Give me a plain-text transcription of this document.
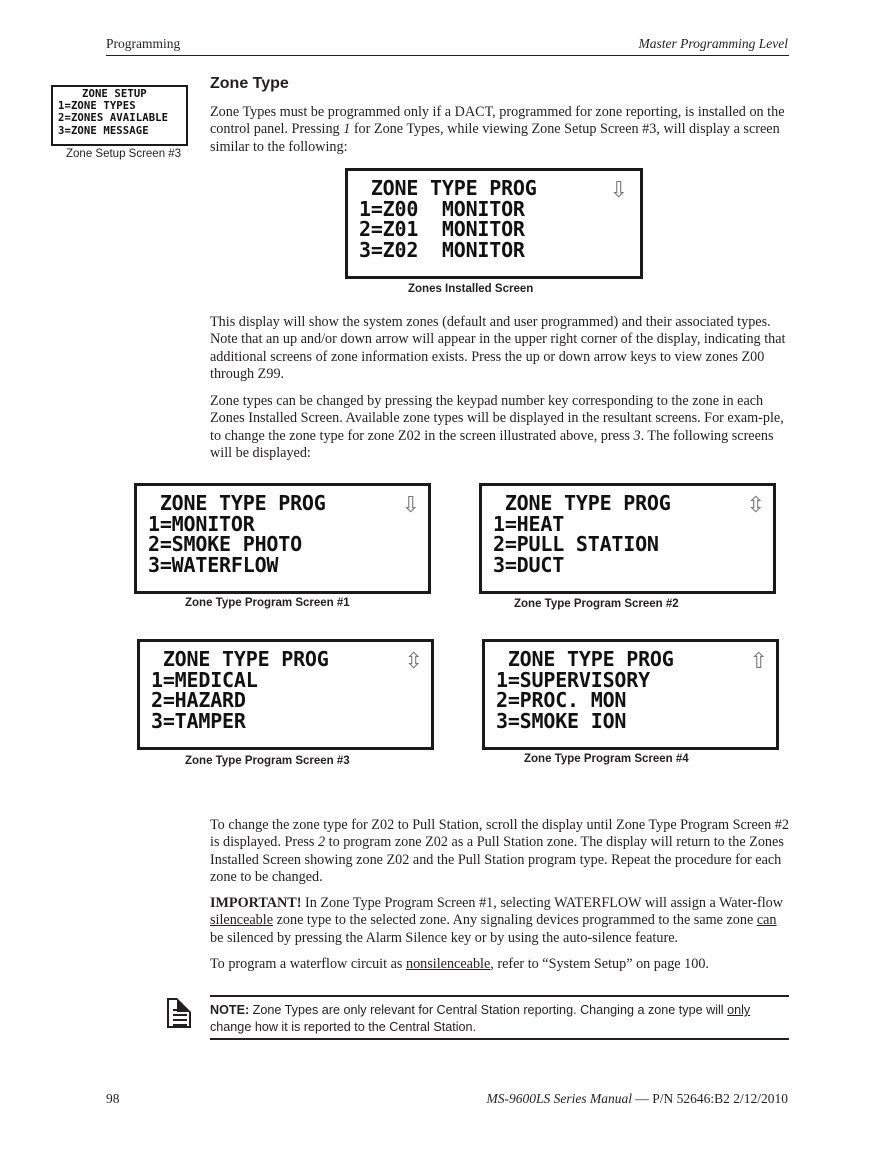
Programming	Master Programming Level
ZONE SETUP
1=ZONE TYPES
2=ZONES AVAILABLE
3=ZONE MESSAGE
Zone Setup Screen #3
Zone Type

Zone Types must be programmed only if a DACT, programmed for zone reporting, is installed on the control panel. Pressing 1 for Zone Types, while viewing Zone Setup Screen #3, will display a screen similar to the following:

ZONE TYPE PROG
1=Z00  MONITOR
2=Z01  MONITOR
3=Z02  MONITOR
⇩
Zones Installed Screen

This display will show the system zones (default and user programmed) and their associated types. Note that an up and/or down arrow will appear in the upper right corner of the display, indicating that additional screens of zone information exists. Press the up or down arrow keys to view zones Z00 through Z99.

Zone types can be changed by pressing the keypad number key corresponding to the zone in each Zones Installed Screen. Available zone types will be displayed in the resultant screens. For exam-ple, to change the zone type for zone Z02 in the screen illustrated above, press 3. The following screens will be displayed:

ZONE TYPE PROG
1=MONITOR
2=SMOKE PHOTO
3=WATERFLOW
⇩
Zone Type Program Screen #1
ZONE TYPE PROG
1=HEAT
2=PULL STATION
3=DUCT
⇳
Zone Type Program Screen #2
ZONE TYPE PROG
1=MEDICAL
2=HAZARD
3=TAMPER
⇳
Zone Type Program Screen #3
ZONE TYPE PROG
1=SUPERVISORY
2=PROC. MON
3=SMOKE ION
⇧
Zone Type Program Screen #4

To change the zone type for Z02 to Pull Station, scroll the display until Zone Type Program Screen #2 is displayed. Press 2 to program zone Z02 as a Pull Station zone. The display will return to the Zones Installed Screen showing zone Z02 and the Pull Station program type. Repeat the procedure for each zone to be changed.

IMPORTANT! In Zone Type Program Screen #1, selecting WATERFLOW will assign a Water-flow silenceable zone type to the selected zone. Any signaling devices programmed to the same zone can be silenced by pressing the Alarm Silence key or by using the auto-silence feature.

To program a waterflow circuit as nonsilenceable, refer to “System Setup” on page 100.

NOTE: Zone Types are only relevant for Central Station reporting. Changing a zone type will only change how it is reported to the Central Station.
98	MS-9600LS Series Manual — P/N 52646:B2 2/12/2010
